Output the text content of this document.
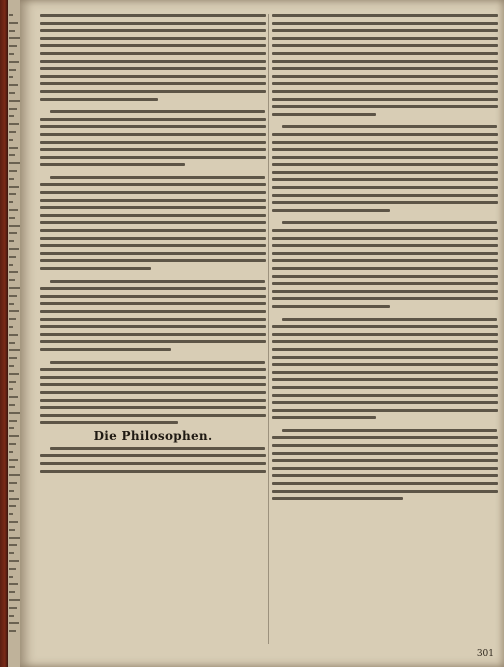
Die Philosophen.
301
